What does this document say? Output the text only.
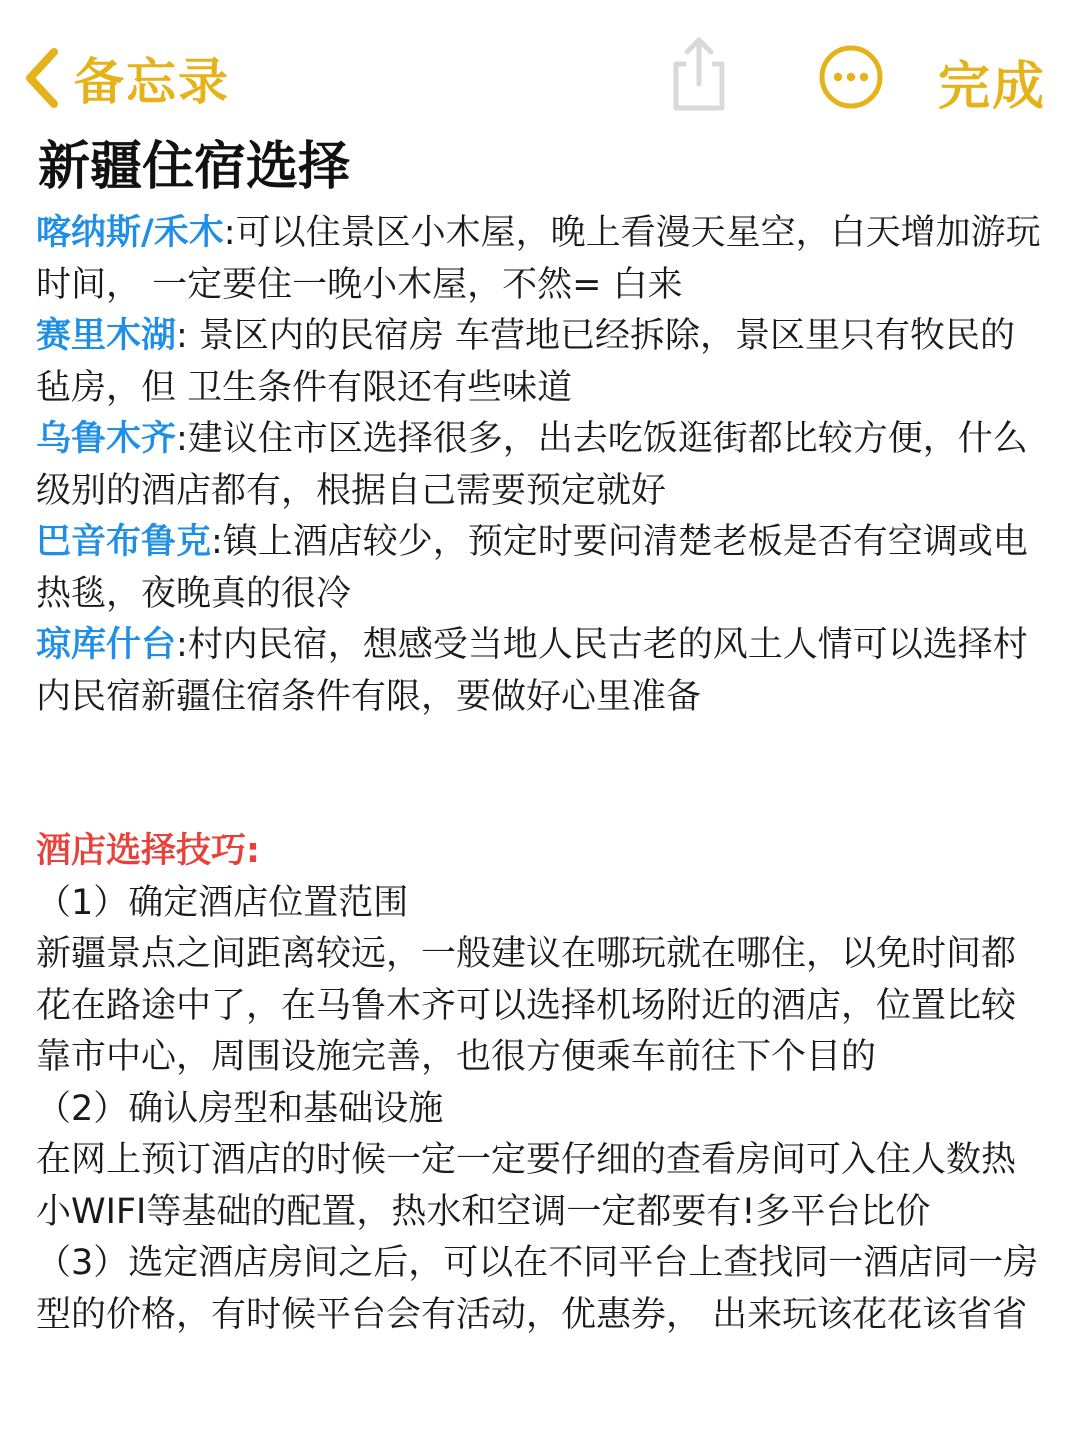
备忘录	完成
新疆住宿选择

喀纳斯/禾木:可以住景区小木屋，晚上看漫天星空，白天增加游玩时间， 一定要住一晚小木屋，不然= 白来

赛里木湖: 景区内的民宿房 车营地已经拆除，景区里只有牧民的毡房，但 卫生条件有限还有些味道

乌鲁木齐:建议住市区选择很多，出去吃饭逛街都比较方便，什么级别的酒店都有，根据自己需要预定就好

巴音布鲁克:镇上酒店较少，预定时要问清楚老板是否有空调或电热毯，夜晚真的很冷

琼库什台:村内民宿，想感受当地人民古老的风土人情可以选择村内民宿新疆住宿条件有限，要做好心里准备

酒店选择技巧:

（1）确定酒店位置范围

新疆景点之间距离较远，一般建议在哪玩就在哪住，以免时间都花在路途中了，在马鲁木齐可以选择机场附近的酒店，位置比较靠市中心，周围设施完善，也很方便乘车前往下个目的

（2）确认房型和基础设施

在网上预订酒店的时候一定一定要仔细的查看房间可入住人数热小WIFI等基础的配置，热水和空调一定都要有!多平台比价

（3）选定酒店房间之后，可以在不同平台上查找同一酒店同一房型的价格，有时候平台会有活动，优惠券， 出来玩该花花该省省
